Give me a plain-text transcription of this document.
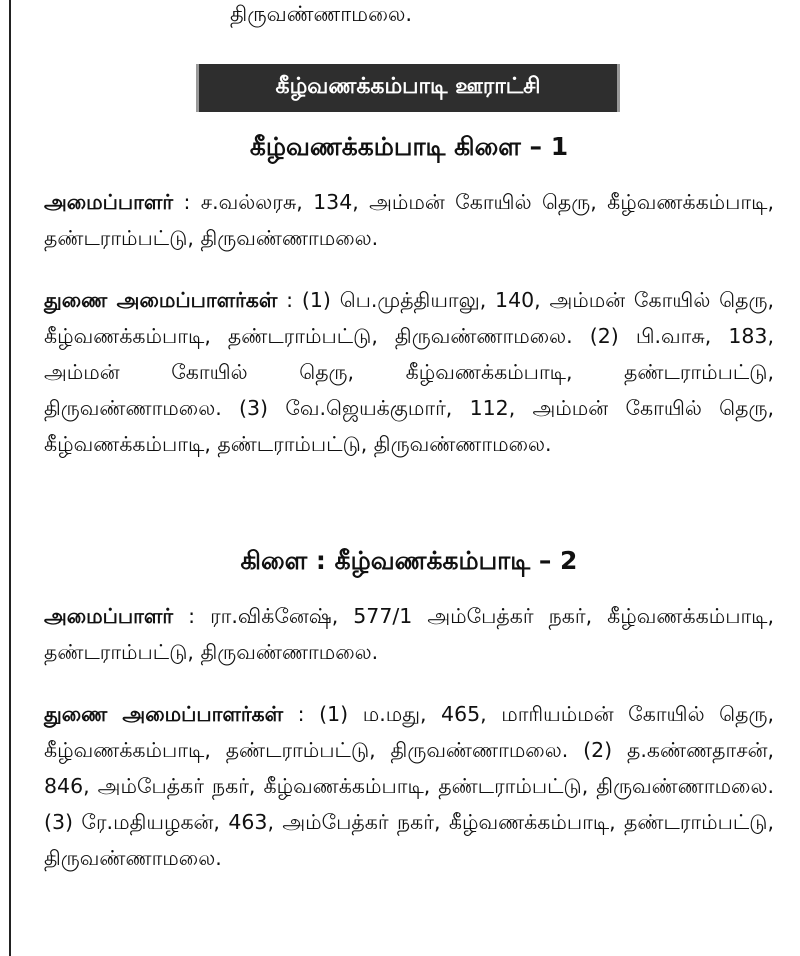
திருவண்ணாமலை.
கீழ்வணக்கம்பாடி ஊராட்சி
கீழ்வணக்கம்பாடி கிளை – 1

அமைப்பாளர் : ச.வல்லரசு, 134, அம்மன் கோயில் தெரு, கீழ்வணக்கம்பாடி, தண்டராம்பட்டு, திருவண்ணாமலை.

துணை அமைப்பாளர்கள் : (1) பெ.முத்தியாலு, 140, அம்மன் கோயில் தெரு, கீழ்வணக்கம்பாடி, தண்டராம்பட்டு, திருவண்ணாமலை. (2) பி.வாசு, 183, அம்மன் கோயில் தெரு, கீழ்வணக்கம்பாடி, தண்டராம்பட்டு, திருவண்ணாமலை. (3) வே.ஜெயக்குமார், 112, அம்மன் கோயில் தெரு, கீழ்வணக்கம்பாடி, தண்டராம்பட்டு, திருவண்ணாமலை.

கிளை : கீழ்வணக்கம்பாடி – 2

அமைப்பாளர் : ரா.விக்னேஷ், 577/1 அம்பேத்கர் நகர், கீழ்வணக்கம்பாடி, தண்டராம்பட்டு, திருவண்ணாமலை.

துணை அமைப்பாளர்கள் : (1) ம.மது, 465, மாரியம்மன் கோயில் தெரு, கீழ்வணக்கம்பாடி, தண்டராம்பட்டு, திருவண்ணாமலை. (2) த.கண்ணதாசன், 846, அம்பேத்கர் நகர், கீழ்வணக்கம்பாடி, தண்டராம்பட்டு, திருவண்ணாமலை. (3) ரே.மதியழகன், 463, அம்பேத்கர் நகர், கீழ்வணக்கம்பாடி, தண்டராம்பட்டு, திருவண்ணாமலை.
